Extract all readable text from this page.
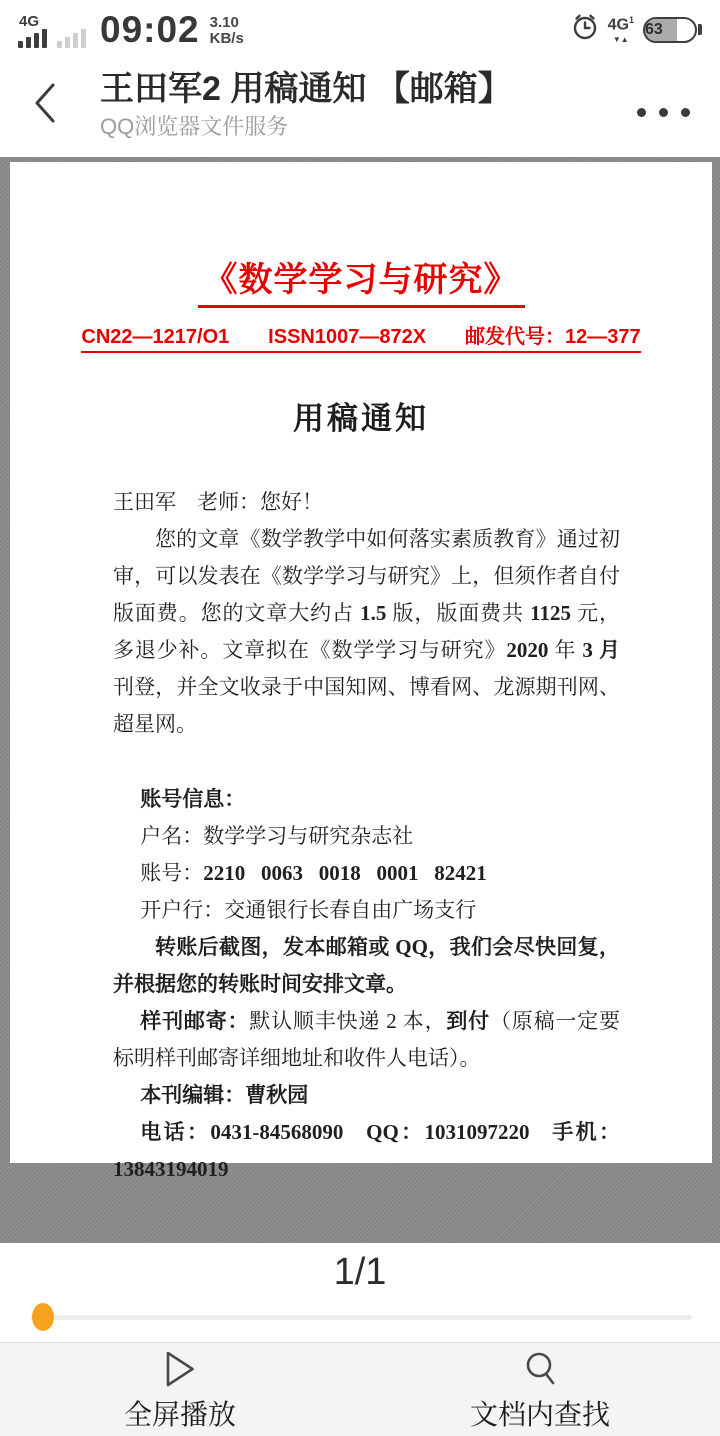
4G 09:02 3.10
KB/s
$4G^1$
▼▲
63
王田军2 用稿通知 【邮箱】
QQ浏览器文件服务
《数学学习与研究》
CN22—1217/O1       ISSN1007—872X       邮发代号：12—377
用稿通知

王田军    老师：您好！

您的文章《数学教学中如何落实素质教育》通过初审，可以发表在《数学学习与研究》上，但须作者自付版面费。您的文章大约占 1.5 版，版面费共 1125 元，多退少补。文章拟在《数学学习与研究》2020 年 3 月刊登，并全文收录于中国知网、博看网、龙源期刊网、超星网。

账号信息：

户名：数学学习与研究杂志社

账号：2210   0063   0018   0001   82421

开户行：交通银行长春自由广场支行

转账后截图，发本邮箱或 QQ，我们会尽快回复，并根据您的转账时间安排文章。

样刊邮寄：默认顺丰快递 2 本，到付（原稿一定要标明样刊邮寄详细地址和收件人电话）。

本刊编辑：曹秋园

电话：0431-84568090   QQ：1031097220   手机：13843194019

1/1
全屏播放	文档内查找
